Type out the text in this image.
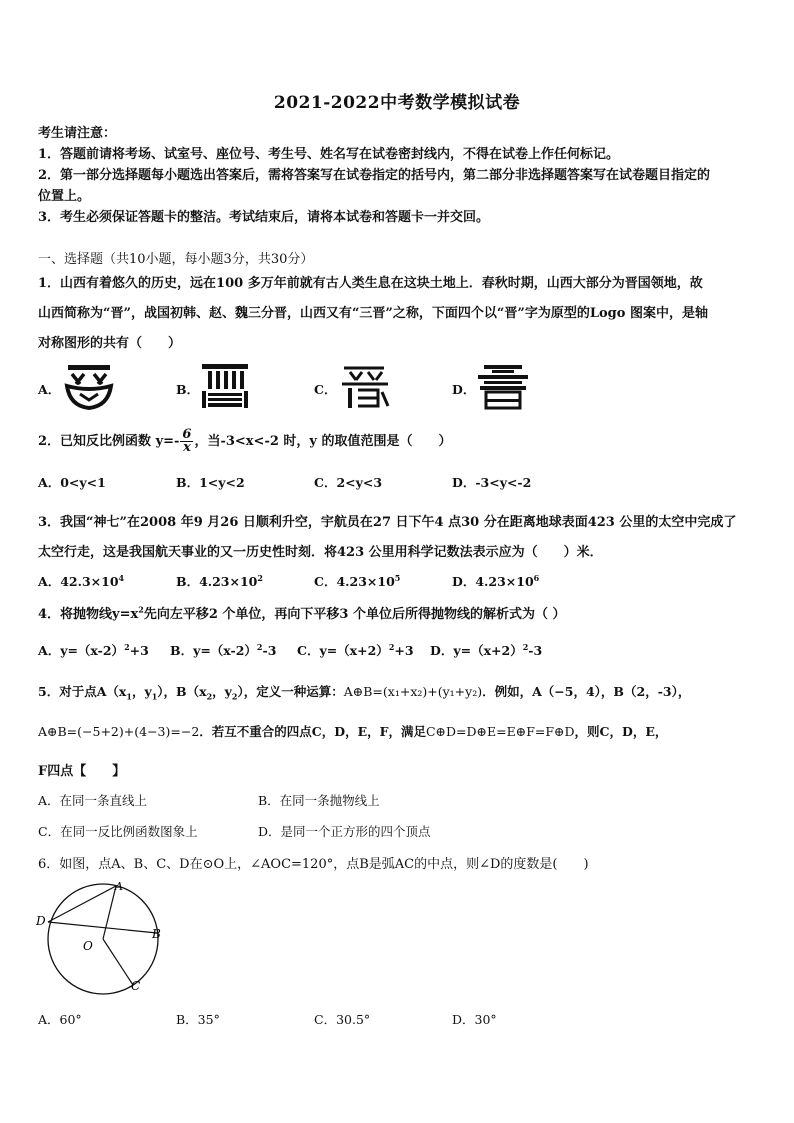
2021-2022中考数学模拟试卷
考生请注意：
1．答题前请将考场、试室号、座位号、考生号、姓名写在试卷密封线内，不得在试卷上作任何标记。
2．第一部分选择题每小题选出答案后，需将答案写在试卷指定的括号内，第二部分非选择题答案写在试卷题目指定的
位置上。
3．考生必须保证答题卡的整洁。考试结束后，请将本试卷和答题卡一并交回。
一、选择题（共10小题，每小题3分，共30分）
1．山西有着悠久的历史，远在100 多万年前就有古人类生息在这块土地上．春秋时期，山西大部分为晋国领地，故
山西简称为“晋”，战国初韩、赵、魏三分晋，山西又有“三晋”之称，下面四个以“晋”字为原型的Logo 图案中，是轴
对称图形的共有（　　）
A．	B．	C．	D．
2．已知反比例函数 $y=- \frac{6}{x}$ ，当-3<x<-2 时，y 的取值范围是（　　）
A．0<y<1	B．1<y<2	C．2<y<3	D．-3<y<-2
3．我国“神七”在2008 年9 月26 日顺利升空，宇航员在27 日下午4 点30 分在距离地球表面423 公里的太空中完成了
太空行走，这是我国航天事业的又一历史性时刻．将423 公里用科学记数法表示应为（　　）米．
A．$42.3\times 10^4$	B．$4.23\times 10^2$	C．$4.23\times 10^5$	D．$4.23\times 10^6$
4．将抛物线$y=x^2$先向左平移2 个单位，再向下平移3 个单位后所得抛物线的解析式为（ ）
A．$y=(x-2)^2+3$ B．$y=(x-2)^2-3$ C．$y=(x+2)^2+3$ D．$y=(x+2)^2-3$
5．对于点$A(x_1$，$y_1$），$B(x_2$，$y_2$），定义一种运算：A⊕B=(x₁+x₂)+(y₁+y₂)．例如，A（−5，4），B（2，-3），
A⊕B=(−5+2)+(4−3)=−2．若互不重合的四点C，D，E，F，满足C⊕D=D⊕E=E⊕F=F⊕D，则C，D，E，
F四点【　　】
A．在同一条直线上	B．在同一条抛物线上
C．在同一反比例函数图象上	D．是同一个正方形的四个顶点
6．如图，点A、B、C、D在⊙O上，∠AOC=120°，点B是弧AC的中点，则∠D的度数是(　　)
A
D
B
O
C
A．60°	B．35°	C．30.5°	D．30°
